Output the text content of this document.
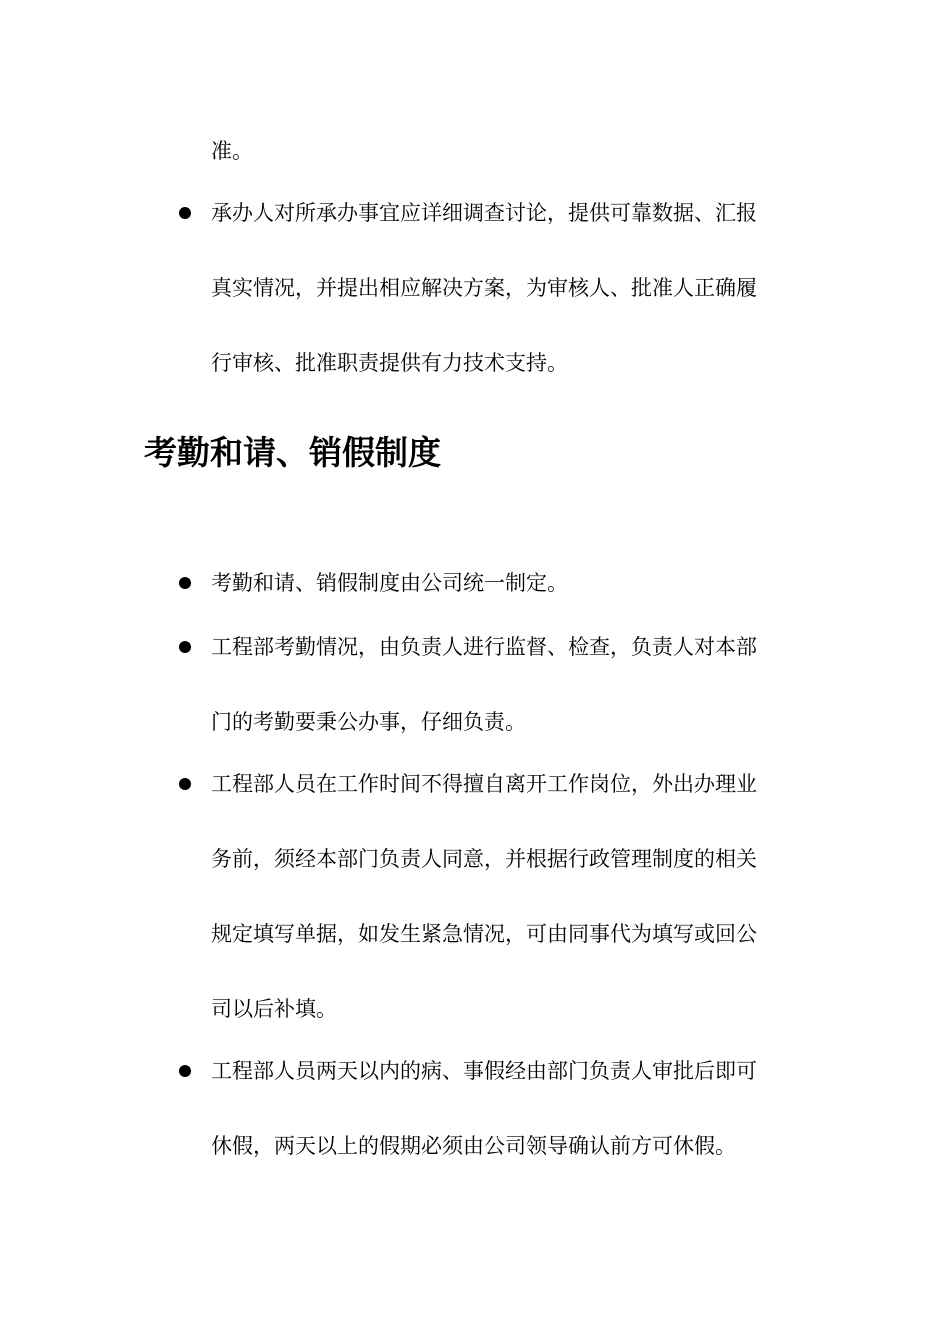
准。
承办人对所承办事宜应详细调查讨论，提供可靠数据、汇报
真实情况，并提出相应解决方案，为审核人、批准人正确履
行审核、批准职责提供有力技术支持。
考勤和请、销假制度
考勤和请、销假制度由公司统一制定。
工程部考勤情况，由负责人进行监督、检查，负责人对本部
门的考勤要秉公办事，仔细负责。
工程部人员在工作时间不得擅自离开工作岗位，外出办理业
务前，须经本部门负责人同意，并根据行政管理制度的相关
规定填写单据，如发生紧急情况，可由同事代为填写或回公
司以后补填。
工程部人员两天以内的病、事假经由部门负责人审批后即可
休假，两天以上的假期必须由公司领导确认前方可休假。
